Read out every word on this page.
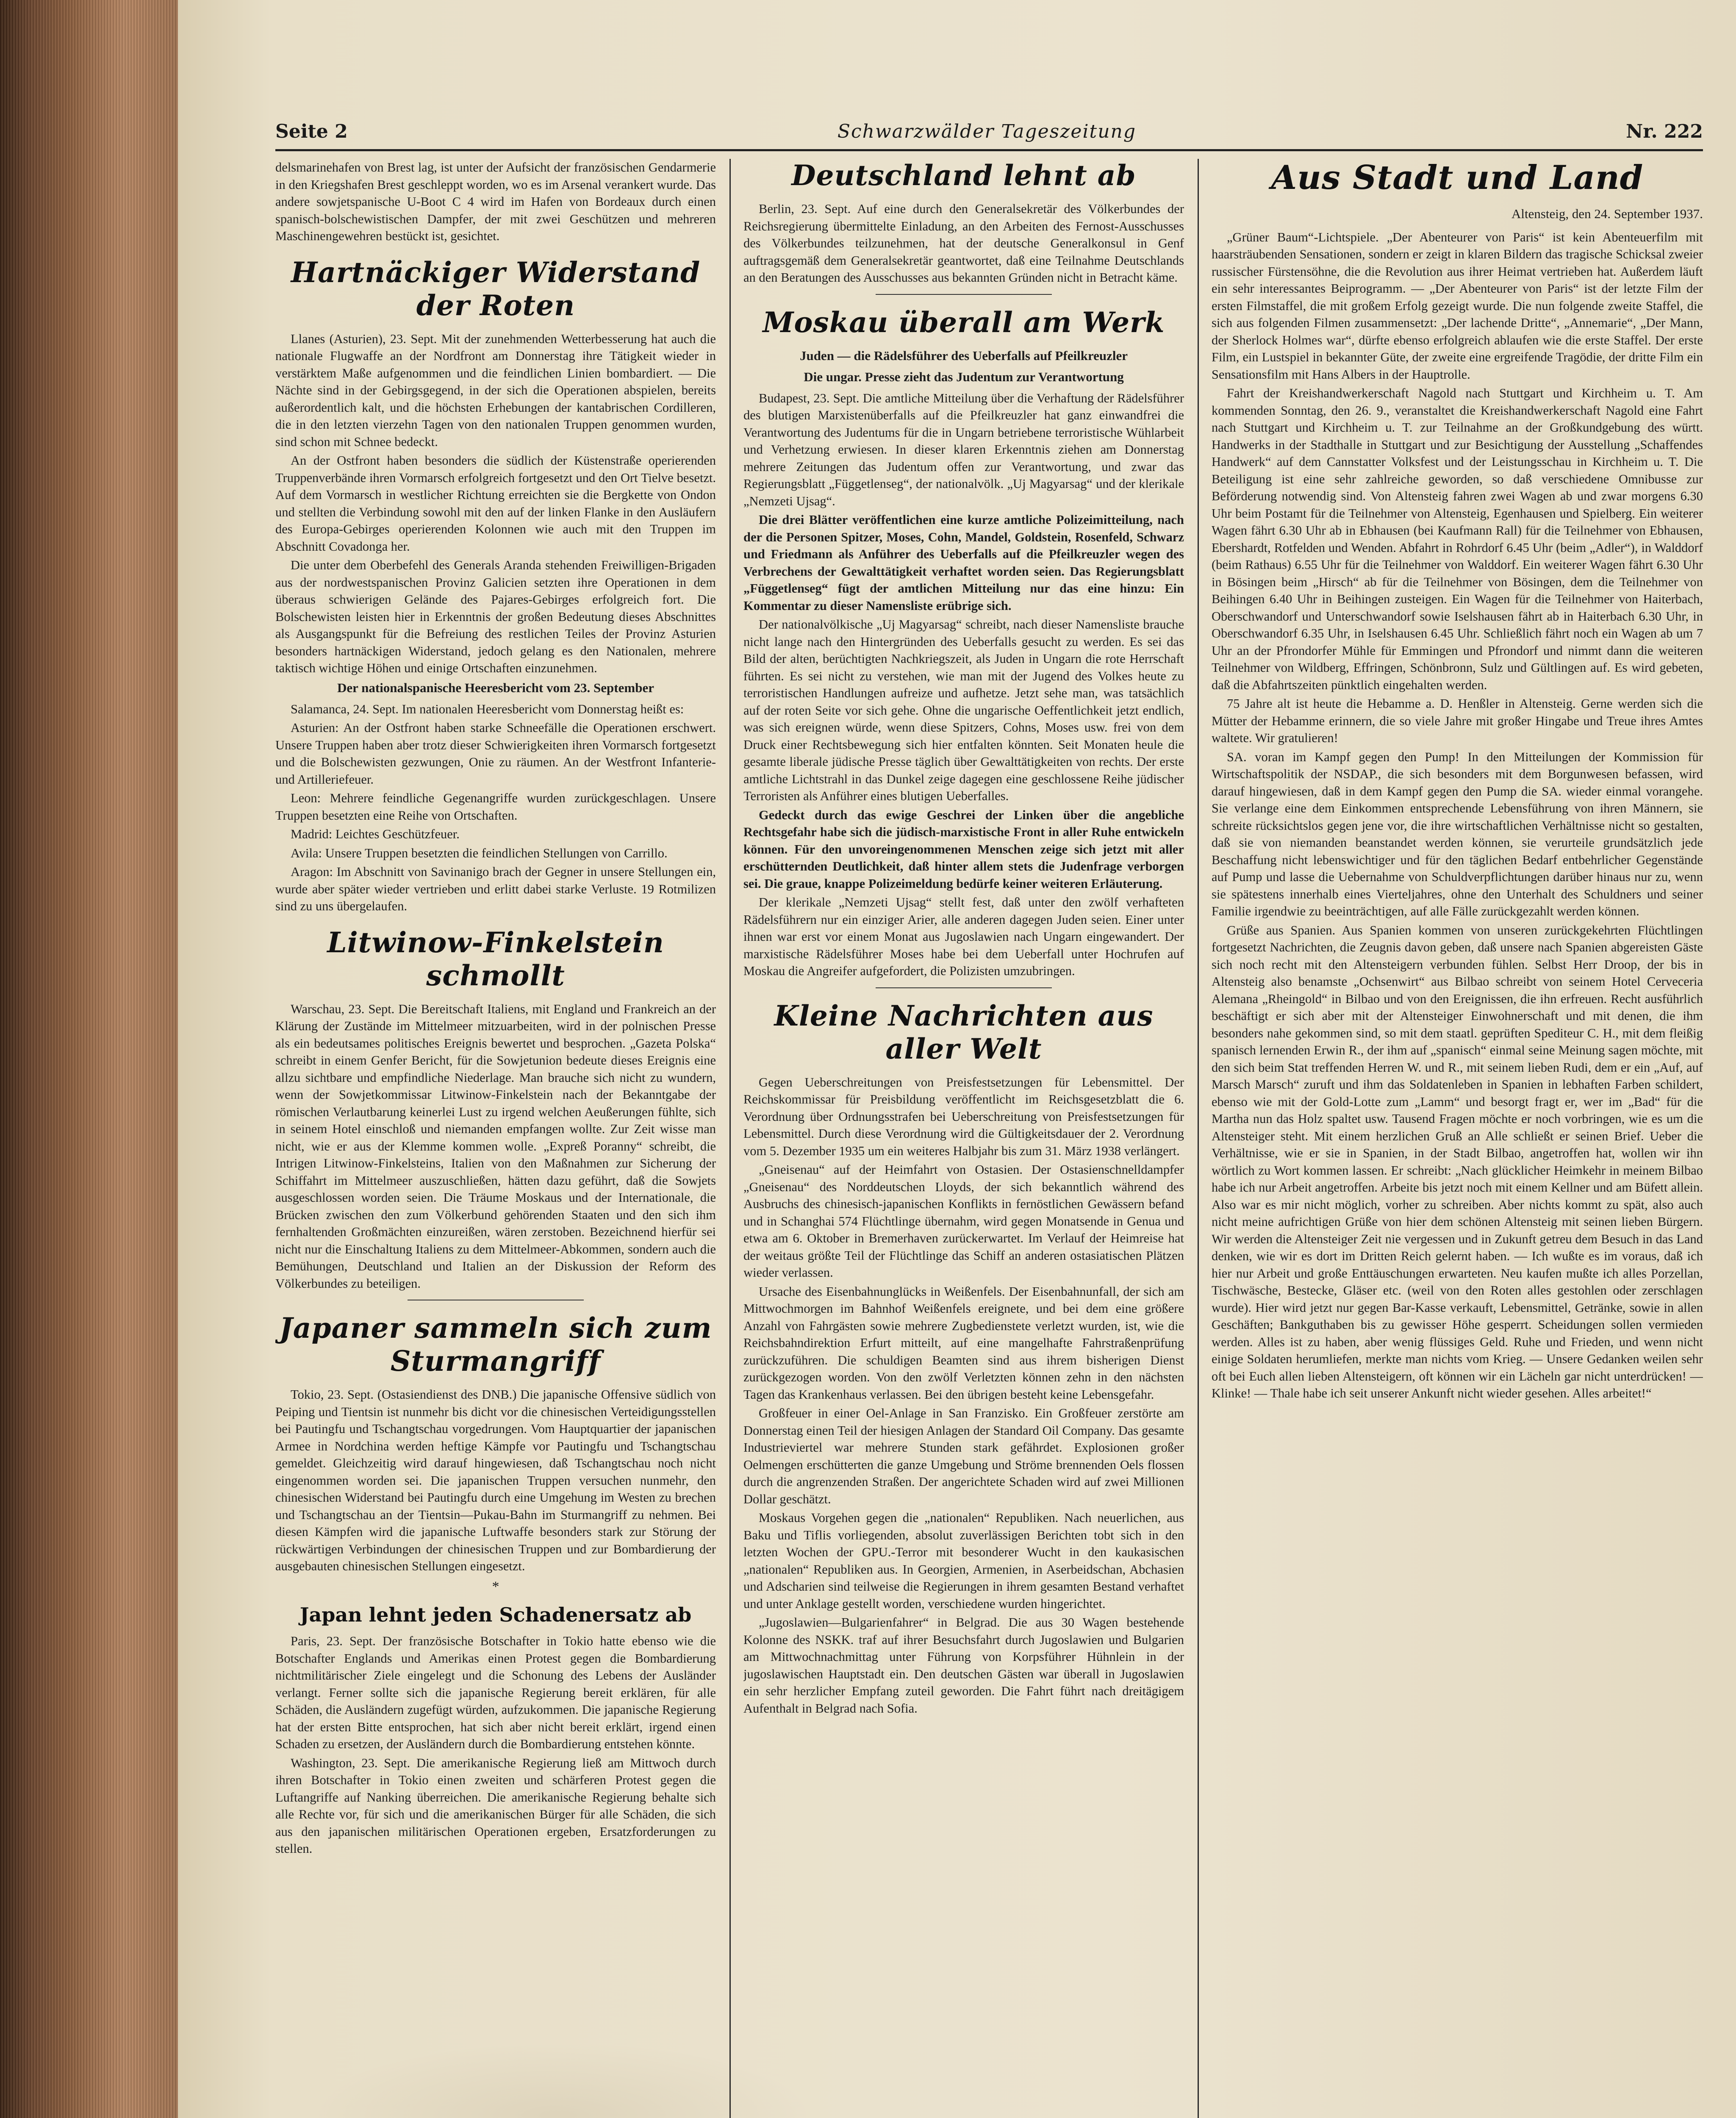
Seite 2	Schwarzwälder Tageszeitung	Nr. 222

delsmarinehafen von Brest lag, ist unter der Aufsicht der französischen Gendarmerie in den Kriegshafen Brest geschleppt worden, wo es im Arsenal verankert wurde. Das andere sowjetspanische U-Boot C 4 wird im Hafen von Bordeaux durch einen spanisch-bolschewistischen Dampfer, der mit zwei Geschützen und mehreren Maschinengewehren bestückt ist, gesichtet.

Hartnäckiger Widerstand der Roten

Llanes (Asturien), 23. Sept. Mit der zunehmenden Wetterbesserung hat auch die nationale Flugwaffe an der Nordfront am Donnerstag ihre Tätigkeit wieder in verstärktem Maße aufgenommen und die feindlichen Linien bombardiert. — Die Nächte sind in der Gebirgsgegend, in der sich die Operationen abspielen, bereits außerordentlich kalt, und die höchsten Erhebungen der kantabrischen Cordilleren, die in den letzten vierzehn Tagen von den nationalen Truppen genommen wurden, sind schon mit Schnee bedeckt.

An der Ostfront haben besonders die südlich der Küstenstraße operierenden Truppenverbände ihren Vormarsch erfolgreich fortgesetzt und den Ort Tielve besetzt. Auf dem Vormarsch in westlicher Richtung erreichten sie die Bergkette von Ondon und stellten die Verbindung sowohl mit den auf der linken Flanke in den Ausläufern des Europa-Gebirges operierenden Kolonnen wie auch mit den Truppen im Abschnitt Covadonga her.

Die unter dem Oberbefehl des Generals Aranda stehenden Freiwilligen-Brigaden aus der nordwestspanischen Provinz Galicien setzten ihre Operationen in dem überaus schwierigen Gelände des Pajares-Gebirges erfolgreich fort. Die Bolschewisten leisten hier in Erkenntnis der großen Bedeutung dieses Abschnittes als Ausgangspunkt für die Befreiung des restlichen Teiles der Provinz Asturien besonders hartnäckigen Widerstand, jedoch gelang es den Nationalen, mehrere taktisch wichtige Höhen und einige Ortschaften einzunehmen.

Der nationalspanische Heeresbericht vom 23. September

Salamanca, 24. Sept. Im nationalen Heeresbericht vom Donnerstag heißt es:

Asturien: An der Ostfront haben starke Schneefälle die Operationen erschwert. Unsere Truppen haben aber trotz dieser Schwierigkeiten ihren Vormarsch fortgesetzt und die Bolschewisten gezwungen, Onie zu räumen. An der Westfront Infanterie- und Artilleriefeuer.

Leon: Mehrere feindliche Gegenangriffe wurden zurückgeschlagen. Unsere Truppen besetzten eine Reihe von Ortschaften.

Madrid: Leichtes Geschützfeuer.

Avila: Unsere Truppen besetzten die feindlichen Stellungen von Carrillo.

Aragon: Im Abschnitt von Savinanigo brach der Gegner in unsere Stellungen ein, wurde aber später wieder vertrieben und erlitt dabei starke Verluste. 19 Rotmilizen sind zu uns übergelaufen.

Litwinow-Finkelstein schmollt

Warschau, 23. Sept. Die Bereitschaft Italiens, mit England und Frankreich an der Klärung der Zustände im Mittelmeer mitzuarbeiten, wird in der polnischen Presse als ein bedeutsames politisches Ereignis bewertet und besprochen. „Gazeta Polska“ schreibt in einem Genfer Bericht, für die Sowjetunion bedeute dieses Ereignis eine allzu sichtbare und empfindliche Niederlage. Man brauche sich nicht zu wundern, wenn der Sowjetkommissar Litwinow-Finkelstein nach der Bekanntgabe der römischen Verlautbarung keinerlei Lust zu irgend welchen Aeußerungen fühlte, sich in seinem Hotel einschloß und niemanden empfangen wollte. Zur Zeit wisse man nicht, wie er aus der Klemme kommen wolle. „Expreß Poranny“ schreibt, die Intrigen Litwinow-Finkelsteins, Italien von den Maßnahmen zur Sicherung der Schiffahrt im Mittelmeer auszuschließen, hätten dazu geführt, daß die Sowjets ausgeschlossen worden seien. Die Träume Moskaus und der Internationale, die Brücken zwischen den zum Völkerbund gehörenden Staaten und den sich ihm fernhaltenden Großmächten einzureißen, wären zerstoben. Bezeichnend hierfür sei nicht nur die Einschaltung Italiens zu dem Mittelmeer-Abkommen, sondern auch die Bemühungen, Deutschland und Italien an der Diskussion der Reform des Völkerbundes zu beteiligen.

Japaner sammeln sich zum Sturmangriff

Tokio, 23. Sept. (Ostasiendienst des DNB.) Die japanische Offensive südlich von Peiping und Tientsin ist nunmehr bis dicht vor die chinesischen Verteidigungsstellen bei Pautingfu und Tschangtschau vorgedrungen. Vom Hauptquartier der japanischen Armee in Nordchina werden heftige Kämpfe vor Pautingfu und Tschangtschau gemeldet. Gleichzeitig wird darauf hingewiesen, daß Tschangtschau noch nicht eingenommen worden sei. Die japanischen Truppen versuchen nunmehr, den chinesischen Widerstand bei Pautingfu durch eine Umgehung im Westen zu brechen und Tschangtschau an der Tientsin—Pukau-Bahn im Sturmangriff zu nehmen. Bei diesen Kämpfen wird die japanische Luftwaffe besonders stark zur Störung der rückwärtigen Verbindungen der chinesischen Truppen und zur Bombardierung der ausgebauten chinesischen Stellungen eingesetzt.

*
Japan lehnt jeden Schadenersatz ab

Paris, 23. Sept. Der französische Botschafter in Tokio hatte ebenso wie die Botschafter Englands und Amerikas einen Protest gegen die Bombardierung nichtmilitärischer Ziele eingelegt und die Schonung des Lebens der Ausländer verlangt. Ferner sollte sich die japanische Regierung bereit erklären, für alle Schäden, die Ausländern zugefügt würden, aufzukommen. Die japanische Regierung hat der ersten Bitte entsprochen, hat sich aber nicht bereit erklärt, irgend einen Schaden zu ersetzen, der Ausländern durch die Bombardierung entstehen könnte.

Washington, 23. Sept. Die amerikanische Regierung ließ am Mittwoch durch ihren Botschafter in Tokio einen zweiten und schärferen Protest gegen die Luftangriffe auf Nanking überreichen. Die amerikanische Regierung behalte sich alle Rechte vor, für sich und die amerikanischen Bürger für alle Schäden, die sich aus den japanischen militärischen Operationen ergeben, Ersatzforderungen zu stellen.

Deutschland lehnt ab

Berlin, 23. Sept. Auf eine durch den Generalsekretär des Völkerbundes der Reichsregierung übermittelte Einladung, an den Arbeiten des Fernost-Ausschusses des Völkerbundes teilzunehmen, hat der deutsche Generalkonsul in Genf auftragsgemäß dem Generalsekretär geantwortet, daß eine Teilnahme Deutschlands an den Beratungen des Ausschusses aus bekannten Gründen nicht in Betracht käme.

Moskau überall am Werk
Juden — die Rädelsführer des Ueberfalls auf Pfeilkreuzler
Die ungar. Presse zieht das Judentum zur Verantwortung

Budapest, 23. Sept. Die amtliche Mitteilung über die Verhaftung der Rädelsführer des blutigen Marxistenüberfalls auf die Pfeilkreuzler hat ganz einwandfrei die Verantwortung des Judentums für die in Ungarn betriebene terroristische Wühlarbeit und Verhetzung erwiesen. In dieser klaren Erkenntnis ziehen am Donnerstag mehrere Zeitungen das Judentum offen zur Verantwortung, und zwar das Regierungsblatt „Függetlenseg“, der nationalvölk. „Uj Magyarsag“ und der klerikale „Nemzeti Ujsag“.

Die drei Blätter veröffentlichen eine kurze amtliche Polizeimitteilung, nach der die Personen Spitzer, Moses, Cohn, Mandel, Goldstein, Rosenfeld, Schwarz und Friedmann als Anführer des Ueberfalls auf die Pfeilkreuzler wegen des Verbrechens der Gewalttätigkeit verhaftet worden seien. Das Regierungsblatt „Függetlenseg“ fügt der amtlichen Mitteilung nur das eine hinzu: Ein Kommentar zu dieser Namensliste erübrige sich.

Der nationalvölkische „Uj Magyarsag“ schreibt, nach dieser Namensliste brauche nicht lange nach den Hintergründen des Ueberfalls gesucht zu werden. Es sei das Bild der alten, berüchtigten Nachkriegszeit, als Juden in Ungarn die rote Herrschaft führten. Es sei nicht zu verstehen, wie man mit der Jugend des Volkes heute zu terroristischen Handlungen aufreize und aufhetze. Jetzt sehe man, was tatsächlich auf der roten Seite vor sich gehe. Ohne die ungarische Oeffentlichkeit jetzt endlich, was sich ereignen würde, wenn diese Spitzers, Cohns, Moses usw. frei von dem Druck einer Rechtsbewegung sich hier entfalten könnten. Seit Monaten heule die gesamte liberale jüdische Presse täglich über Gewalttätigkeiten von rechts. Der erste amtliche Lichtstrahl in das Dunkel zeige dagegen eine geschlossene Reihe jüdischer Terroristen als Anführer eines blutigen Ueberfalles.

Gedeckt durch das ewige Geschrei der Linken über die angebliche Rechtsgefahr habe sich die jüdisch-marxistische Front in aller Ruhe entwickeln können. Für den unvoreingenommenen Menschen zeige sich jetzt mit aller erschütternden Deutlichkeit, daß hinter allem stets die Judenfrage verborgen sei. Die graue, knappe Polizeimeldung bedürfe keiner weiteren Erläuterung.

Der klerikale „Nemzeti Ujsag“ stellt fest, daß unter den zwölf verhafteten Rädelsführern nur ein einziger Arier, alle anderen dagegen Juden seien. Einer unter ihnen war erst vor einem Monat aus Jugoslawien nach Ungarn eingewandert. Der marxistische Rädelsführer Moses habe bei dem Ueberfall unter Hochrufen auf Moskau die Angreifer aufgefordert, die Polizisten umzubringen.

Kleine Nachrichten aus aller Welt

Gegen Ueberschreitungen von Preisfestsetzungen für Lebensmittel. Der Reichskommissar für Preisbildung veröffentlicht im Reichsgesetzblatt die 6. Verordnung über Ordnungsstrafen bei Ueberschreitung von Preisfestsetzungen für Lebensmittel. Durch diese Verordnung wird die Gültigkeitsdauer der 2. Verordnung vom 5. Dezember 1935 um ein weiteres Halbjahr bis zum 31. März 1938 verlängert.

„Gneisenau“ auf der Heimfahrt von Ostasien. Der Ostasienschnelldampfer „Gneisenau“ des Norddeutschen Lloyds, der sich bekanntlich während des Ausbruchs des chinesisch-japanischen Konflikts in fernöstlichen Gewässern befand und in Schanghai 574 Flüchtlinge übernahm, wird gegen Monatsende in Genua und etwa am 6. Oktober in Bremerhaven zurückerwartet. Im Verlauf der Heimreise hat der weitaus größte Teil der Flüchtlinge das Schiff an anderen ostasiatischen Plätzen wieder verlassen.

Ursache des Eisenbahnunglücks in Weißenfels. Der Eisenbahnunfall, der sich am Mittwochmorgen im Bahnhof Weißenfels ereignete, und bei dem eine größere Anzahl von Fahrgästen sowie mehrere Zugbedienstete verletzt wurden, ist, wie die Reichsbahndirektion Erfurt mitteilt, auf eine mangelhafte Fahrstraßenprüfung zurückzuführen. Die schuldigen Beamten sind aus ihrem bisherigen Dienst zurückgezogen worden. Von den zwölf Verletzten können zehn in den nächsten Tagen das Krankenhaus verlassen. Bei den übrigen besteht keine Lebensgefahr.

Großfeuer in einer Oel-Anlage in San Franzisko. Ein Großfeuer zerstörte am Donnerstag einen Teil der hiesigen Anlagen der Standard Oil Company. Das gesamte Industrieviertel war mehrere Stunden stark gefährdet. Explosionen großer Oelmengen erschütterten die ganze Umgebung und Ströme brennenden Oels flossen durch die angrenzenden Straßen. Der angerichtete Schaden wird auf zwei Millionen Dollar geschätzt.

Moskaus Vorgehen gegen die „nationalen“ Republiken. Nach neuerlichen, aus Baku und Tiflis vorliegenden, absolut zuverlässigen Berichten tobt sich in den letzten Wochen der GPU.-Terror mit besonderer Wucht in den kaukasischen „nationalen“ Republiken aus. In Georgien, Armenien, in Aserbeidschan, Abchasien und Adscharien sind teilweise die Regierungen in ihrem gesamten Bestand verhaftet und unter Anklage gestellt worden, verschiedene wurden hingerichtet.

„Jugoslawien—Bulgarienfahrer“ in Belgrad. Die aus 30 Wagen bestehende Kolonne des NSKK. traf auf ihrer Besuchsfahrt durch Jugoslawien und Bulgarien am Mittwochnachmittag unter Führung von Korpsführer Hühnlein in der jugoslawischen Hauptstadt ein. Den deutschen Gästen war überall in Jugoslawien ein sehr herzlicher Empfang zuteil geworden. Die Fahrt führt nach dreitägigem Aufenthalt in Belgrad nach Sofia.

Aus Stadt und Land
Altensteig, den 24. September 1937.

„Grüner Baum“-Lichtspiele. „Der Abenteurer von Paris“ ist kein Abenteuerfilm mit haarsträubenden Sensationen, sondern er zeigt in klaren Bildern das tragische Schicksal zweier russischer Fürstensöhne, die die Revolution aus ihrer Heimat vertrieben hat. Außerdem läuft ein sehr interessantes Beiprogramm. — „Der Abenteurer von Paris“ ist der letzte Film der ersten Filmstaffel, die mit großem Erfolg gezeigt wurde. Die nun folgende zweite Staffel, die sich aus folgenden Filmen zusammensetzt: „Der lachende Dritte“, „Annemarie“, „Der Mann, der Sherlock Holmes war“, dürfte ebenso erfolgreich ablaufen wie die erste Staffel. Der erste Film, ein Lustspiel in bekannter Güte, der zweite eine ergreifende Tragödie, der dritte Film ein Sensationsfilm mit Hans Albers in der Hauptrolle.

Fahrt der Kreishandwerkerschaft Nagold nach Stuttgart und Kirchheim u. T. Am kommenden Sonntag, den 26. 9., veranstaltet die Kreishandwerkerschaft Nagold eine Fahrt nach Stuttgart und Kirchheim u. T. zur Teilnahme an der Großkundgebung des württ. Handwerks in der Stadthalle in Stuttgart und zur Besichtigung der Ausstellung „Schaffendes Handwerk“ auf dem Cannstatter Volksfest und der Leistungsschau in Kirchheim u. T. Die Beteiligung ist eine sehr zahlreiche geworden, so daß verschiedene Omnibusse zur Beförderung notwendig sind. Von Altensteig fahren zwei Wagen ab und zwar morgens 6.30 Uhr beim Postamt für die Teilnehmer von Altensteig, Egenhausen und Spielberg. Ein weiterer Wagen fährt 6.30 Uhr ab in Ebhausen (bei Kaufmann Rall) für die Teilnehmer von Ebhausen, Ebershardt, Rotfelden und Wenden. Abfahrt in Rohrdorf 6.45 Uhr (beim „Adler“), in Walddorf (beim Rathaus) 6.55 Uhr für die Teilnehmer von Walddorf. Ein weiterer Wagen fährt 6.30 Uhr in Bösingen beim „Hirsch“ ab für die Teilnehmer von Bösingen, dem die Teilnehmer von Beihingen 6.40 Uhr in Beihingen zusteigen. Ein Wagen für die Teilnehmer von Haiterbach, Oberschwandorf und Unterschwandorf sowie Iselshausen fährt ab in Haiterbach 6.30 Uhr, in Oberschwandorf 6.35 Uhr, in Iselshausen 6.45 Uhr. Schließlich fährt noch ein Wagen ab um 7 Uhr an der Pfrondorfer Mühle für Emmingen und Pfrondorf und nimmt dann die weiteren Teilnehmer von Wildberg, Effringen, Schönbronn, Sulz und Gültlingen auf. Es wird gebeten, daß die Abfahrtszeiten pünktlich eingehalten werden.

75 Jahre alt ist heute die Hebamme a. D. Henßler in Altensteig. Gerne werden sich die Mütter der Hebamme erinnern, die so viele Jahre mit großer Hingabe und Treue ihres Amtes waltete. Wir gratulieren!

SA. voran im Kampf gegen den Pump! In den Mitteilungen der Kommission für Wirtschaftspolitik der NSDAP., die sich besonders mit dem Borgunwesen befassen, wird darauf hingewiesen, daß in dem Kampf gegen den Pump die SA. wieder einmal vorangehe. Sie verlange eine dem Einkommen entsprechende Lebensführung von ihren Männern, sie schreite rücksichtslos gegen jene vor, die ihre wirtschaftlichen Verhältnisse nicht so gestalten, daß sie von niemanden beanstandet werden können, sie verurteile grundsätzlich jede Beschaffung nicht lebenswichtiger und für den täglichen Bedarf entbehrlicher Gegenstände auf Pump und lasse die Uebernahme von Schuldverpflichtungen darüber hinaus nur zu, wenn sie spätestens innerhalb eines Vierteljahres, ohne den Unterhalt des Schuldners und seiner Familie irgendwie zu beeinträchtigen, auf alle Fälle zurückgezahlt werden können.

Grüße aus Spanien. Aus Spanien kommen von unseren zurückgekehrten Flüchtlingen fortgesetzt Nachrichten, die Zeugnis davon geben, daß unsere nach Spanien abgereisten Gäste sich noch recht mit den Altensteigern verbunden fühlen. Selbst Herr Droop, der bis in Altensteig also benamste „Ochsenwirt“ aus Bilbao schreibt von seinem Hotel Cerveceria Alemana „Rheingold“ in Bilbao und von den Ereignissen, die ihn erfreuen. Recht ausführlich beschäftigt er sich aber mit der Altensteiger Einwohnerschaft und mit denen, die ihm besonders nahe gekommen sind, so mit dem staatl. geprüften Spediteur C. H., mit dem fleißig spanisch lernenden Erwin R., der ihm auf „spanisch“ einmal seine Meinung sagen möchte, mit den sich beim Stat treffenden Herren W. und R., mit seinem lieben Rudi, dem er ein „Auf, auf Marsch Marsch“ zuruft und ihm das Soldatenleben in Spanien in lebhaften Farben schildert, ebenso wie mit der Gold-Lotte zum „Lamm“ und besorgt fragt er, wer im „Bad“ für die Martha nun das Holz spaltet usw. Tausend Fragen möchte er noch vorbringen, wie es um die Altensteiger steht. Mit einem herzlichen Gruß an Alle schließt er seinen Brief. Ueber die Verhältnisse, wie er sie in Spanien, in der Stadt Bilbao, angetroffen hat, wollen wir ihn wörtlich zu Wort kommen lassen. Er schreibt: „Nach glücklicher Heimkehr in meinem Bilbao habe ich nur Arbeit angetroffen. Arbeite bis jetzt noch mit einem Kellner und am Büfett allein. Also war es mir nicht möglich, vorher zu schreiben. Aber nichts kommt zu spät, also auch nicht meine aufrichtigen Grüße von hier dem schönen Altensteig mit seinen lieben Bürgern. Wir werden die Altensteiger Zeit nie vergessen und in Zukunft getreu dem Besuch in das Land denken, wie wir es dort im Dritten Reich gelernt haben. — Ich wußte es im voraus, daß ich hier nur Arbeit und große Enttäuschungen erwarteten. Neu kaufen mußte ich alles Porzellan, Tischwäsche, Bestecke, Gläser etc. (weil von den Roten alles gestohlen oder zerschlagen wurde). Hier wird jetzt nur gegen Bar-Kasse verkauft, Lebensmittel, Getränke, sowie in allen Geschäften; Bankguthaben bis zu gewisser Höhe gesperrt. Scheidungen sollen vermieden werden. Alles ist zu haben, aber wenig flüssiges Geld. Ruhe und Frieden, und wenn nicht einige Soldaten herumliefen, merkte man nichts vom Krieg. — Unsere Gedanken weilen sehr oft bei Euch allen lieben Altensteigern, oft können wir ein Lächeln gar nicht unterdrücken! — Klinke! — Thale habe ich seit unserer Ankunft nicht wieder gesehen. Alles arbeitet!“
